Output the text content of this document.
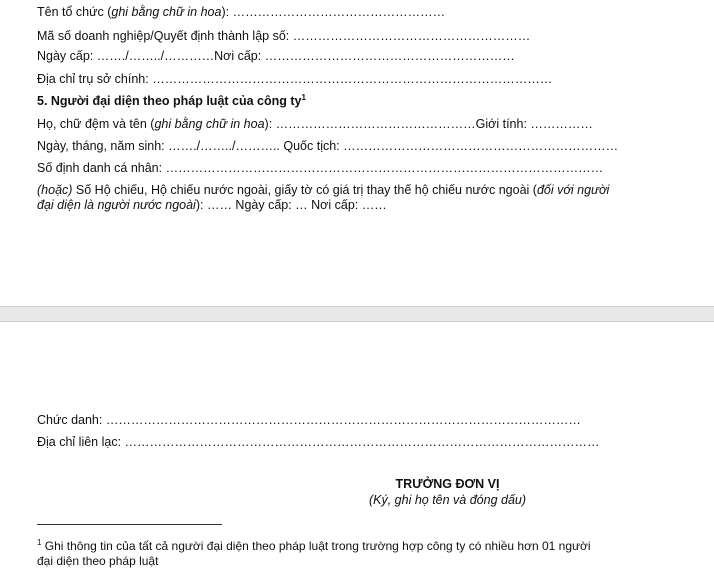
Tên tổ chức (ghi bằng chữ in hoa): ……………………………………………
Mã số doanh nghiệp/Quyết định thành lập số: …………………………………………………
Ngày cấp: ……./……../…………Nơi cấp: ……………………………………………………
Địa chỉ trụ sở chính: ……………………………………………………………………………………
5. Người đại diện theo pháp luật của công $ty^1$
Họ, chữ đệm và tên (ghi bằng chữ in hoa): …………………………………………Giới tính: ……………
Ngày, tháng, năm sinh: ……./……../……….. Quốc tịch: …………………………………………………………
Số định danh cá nhân: ……………………………………………………………………………………………
(hoặc) Số Hộ chiếu, Hộ chiếu nước ngoài, giấy tờ có giá trị thay thế hộ chiếu nước ngoài (đối với người
đại diện là người nước ngoài): …… Ngày cấp: … Nơi cấp: ……
Chức danh: ……………………………………………………………………………………………………
Địa chỉ liên lạc: ……………………………………………………………………………………………………
TRƯỞNG ĐƠN VỊ
(Ký, ghi họ tên và đóng dấu)
$^1$ Ghi thông tin của tất cả người đại diện theo pháp luật trong trường hợp công ty có nhiều hơn 01 người
đại diện theo pháp luật
